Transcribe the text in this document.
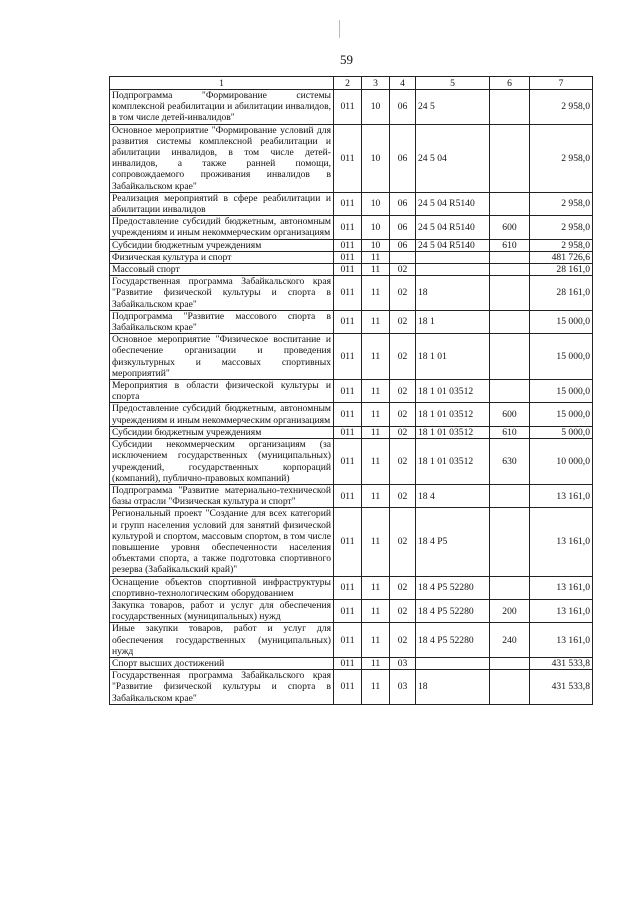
59
1	2	3	4	5	6	7
Подпрограмма "Формирование системы комплексной реабилитации и абилитации инвалидов, в том числе детей-инвалидов"	011	10	06	24 5		2 958,0
Основное мероприятие "Формирование условий для развития системы комплексной реабилитации и абилитации инвалидов, в том числе детей-инвалидов, а также ранней помощи, сопровождаемого проживания инвалидов в Забайкальском крае"	011	10	06	24 5 04		2 958,0
Реализация мероприятий в сфере реабилитации и абилитации инвалидов	011	10	06	24 5 04 R5140		2 958,0
Предоставление субсидий бюджетным, автономным учреждениям и иным некоммерческим организациям	011	10	06	24 5 04 R5140	600	2 958,0
Субсидии бюджетным учреждениям	011	10	06	24 5 04 R5140	610	2 958,0
Физическая культура и спорт	011	11				481 726,6
Массовый спорт	011	11	02			28 161,0
Государственная программа Забайкальского края "Развитие физической культуры и спорта в Забайкальском крае"	011	11	02	18		28 161,0
Подпрограмма "Развитие массового спорта в Забайкальском крае"	011	11	02	18 1		15 000,0
Основное мероприятие "Физическое воспитание и обеспечение организации и проведения физкультурных и массовых спортивных мероприятий"	011	11	02	18 1 01		15 000,0
Мероприятия в области физической культуры и спорта	011	11	02	18 1 01 03512		15 000,0
Предоставление субсидий бюджетным, автономным учреждениям и иным некоммерческим организациям	011	11	02	18 1 01 03512	600	15 000,0
Субсидии бюджетным учреждениям	011	11	02	18 1 01 03512	610	5 000,0
Субсидии некоммерческим организациям (за исключением государственных (муниципальных) учреждений, государственных корпораций (компаний), публично-правовых компаний)	011	11	02	18 1 01 03512	630	10 000,0
Подпрограмма "Развитие материально-технической базы отрасли "Физическая культура и спорт"	011	11	02	18 4		13 161,0
Региональный проект "Создание для всех категорий и групп населения условий для занятий физической культурой и спортом, массовым спортом, в том числе повышение уровня обеспеченности населения объектами спорта, а также подготовка спортивного резерва (Забайкальский край)"	011	11	02	18 4 P5		13 161,0
Оснащение объектов спортивной инфраструктуры спортивно-технологическим оборудованием	011	11	02	18 4 P5 52280		13 161,0
Закупка товаров, работ и услуг для обеспечения государственных (муниципальных) нужд	011	11	02	18 4 P5 52280	200	13 161,0
Иные закупки товаров, работ и услуг для обеспечения государственных (муниципальных) нужд	011	11	02	18 4 P5 52280	240	13 161,0
Спорт высших достижений	011	11	03			431 533,8
Государственная программа Забайкальского края "Развитие физической культуры и спорта в Забайкальском крае"	011	11	03	18		431 533,8
